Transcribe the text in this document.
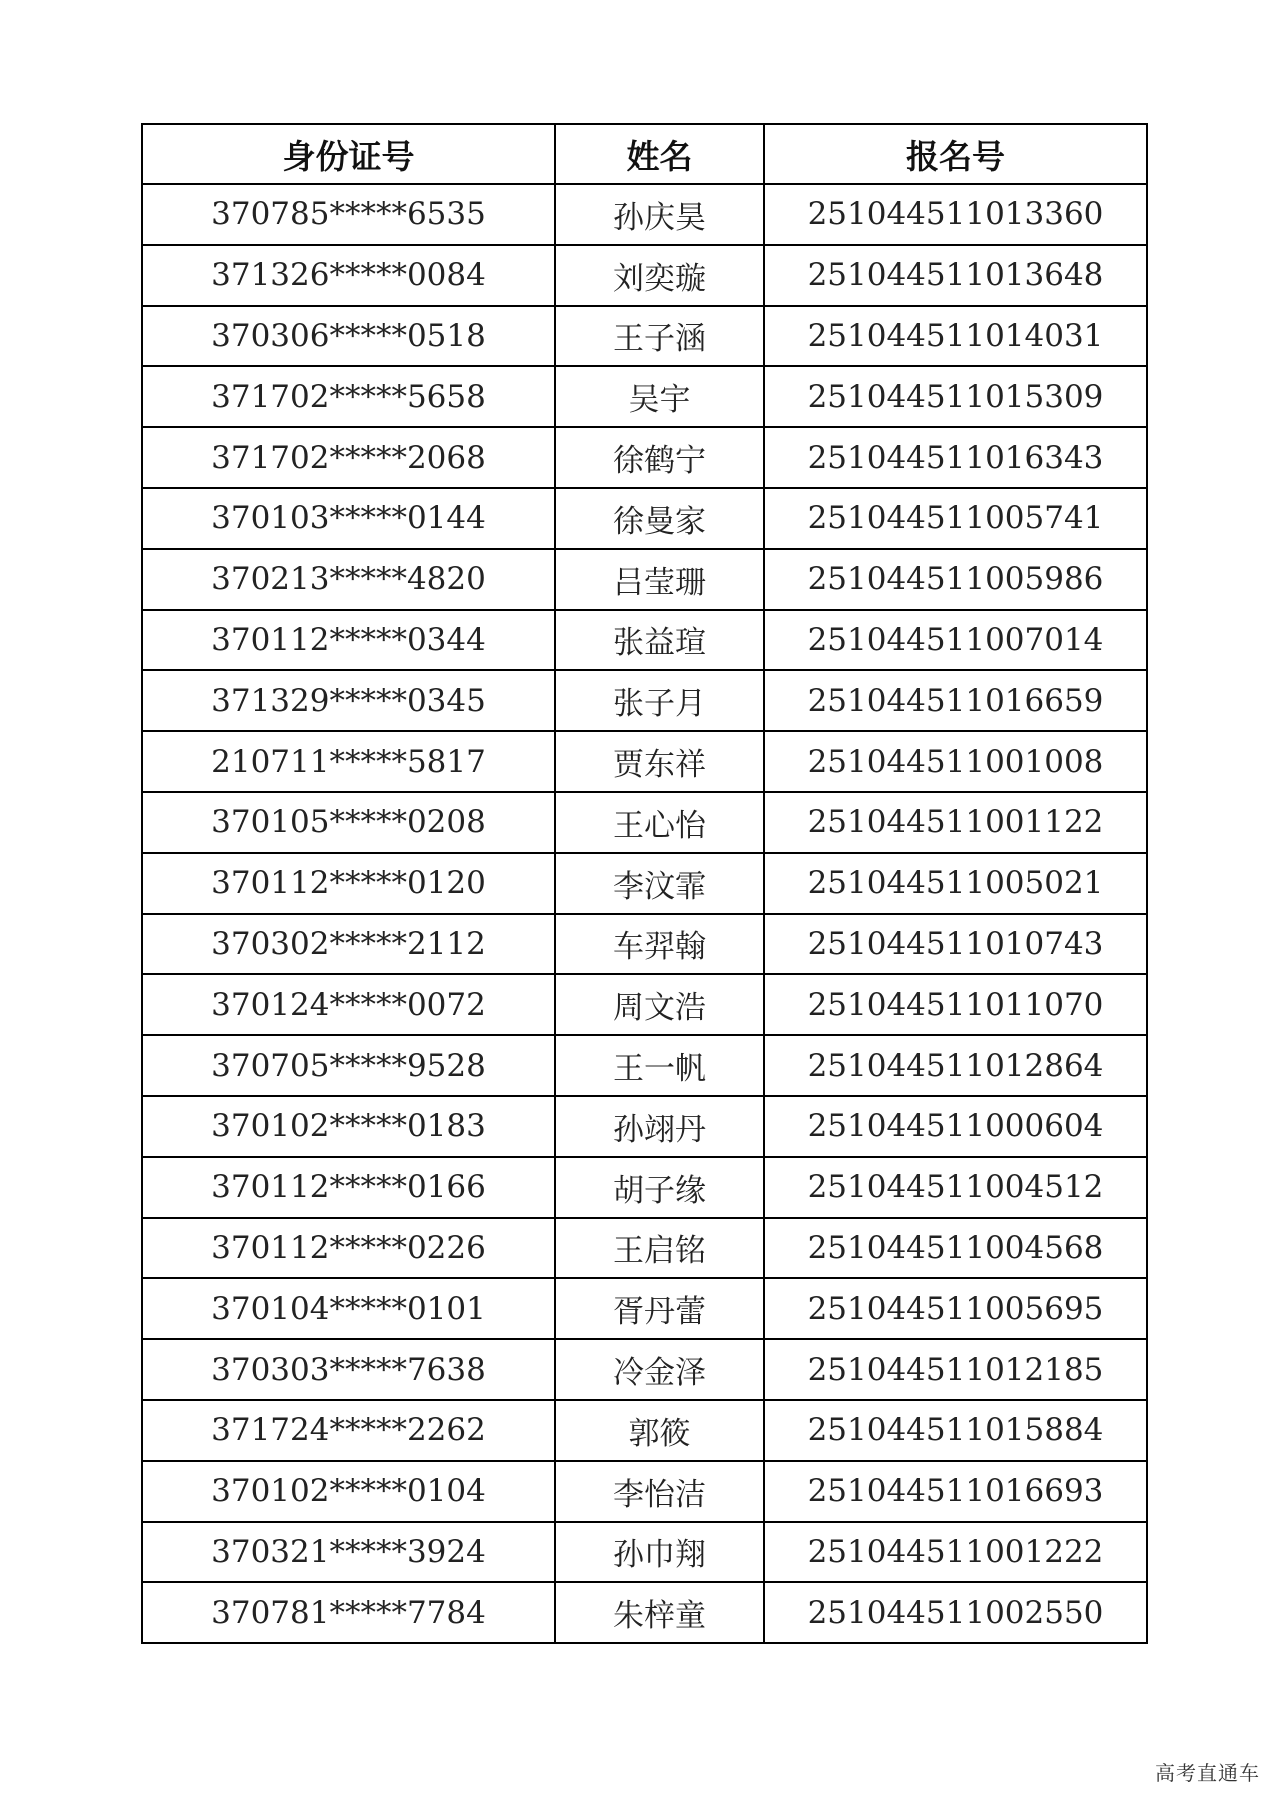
身份证号	姓名	报名号
370785*****6535	孙庆昊	251044511013360
371326*****0084	刘奕璇	251044511013648
370306*****0518	王子涵	251044511014031
371702*****5658	吴宇	251044511015309
371702*****2068	徐鹤宁	251044511016343
370103*****0144	徐曼家	251044511005741
370213*****4820	吕莹珊	251044511005986
370112*****0344	张益瑄	251044511007014
371329*****0345	张子月	251044511016659
210711*****5817	贾东祥	251044511001008
370105*****0208	王心怡	251044511001122
370112*****0120	李汶霏	251044511005021
370302*****2112	车羿翰	251044511010743
370124*****0072	周文浩	251044511011070
370705*****9528	王一帆	251044511012864
370102*****0183	孙翊丹	251044511000604
370112*****0166	胡子缘	251044511004512
370112*****0226	王启铭	251044511004568
370104*****0101	胥丹蕾	251044511005695
370303*****7638	冷金泽	251044511012185
371724*****2262	郭筱	251044511015884
370102*****0104	李怡洁	251044511016693
370321*****3924	孙巾翔	251044511001222
370781*****7784	朱梓童	251044511002550
高考直通车
